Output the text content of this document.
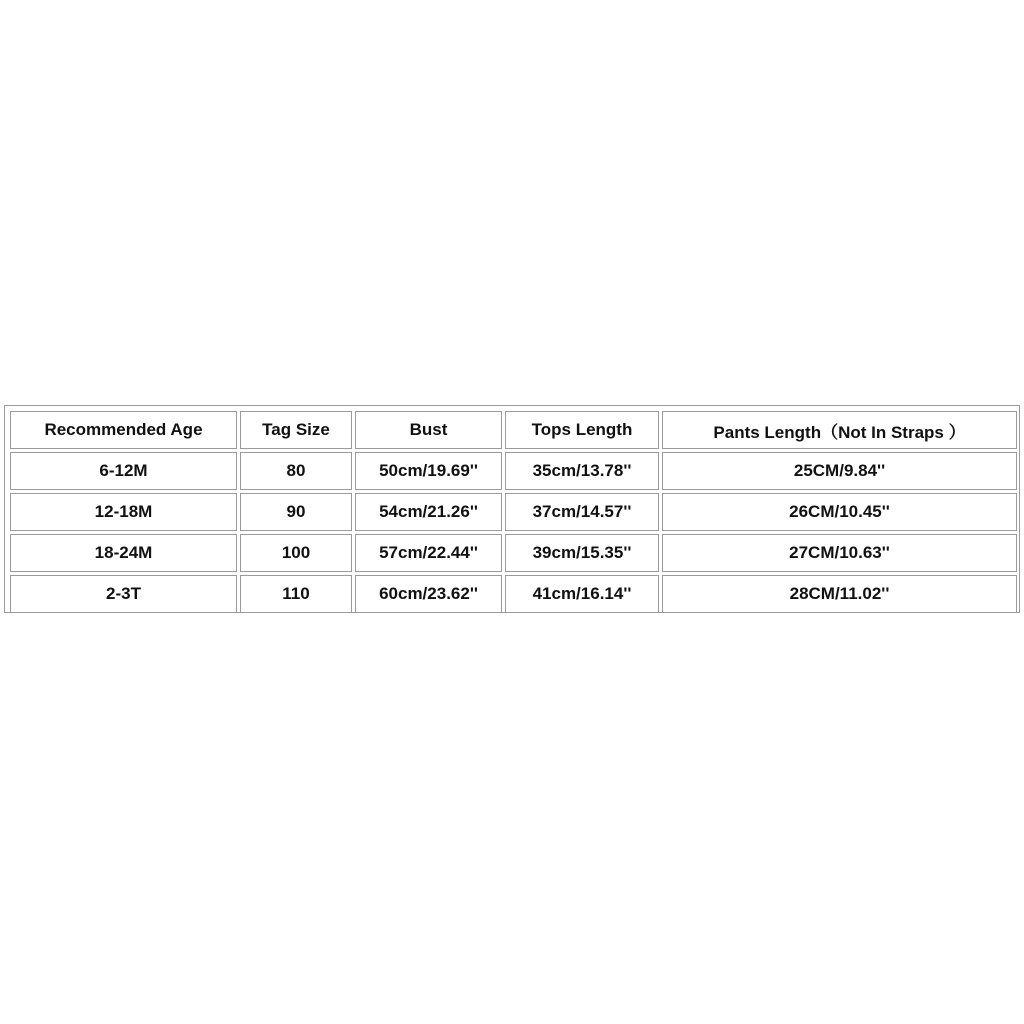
Recommended Age	Tag Size	Bust	Tops Length	Pants Length（Not In Straps ）
6-12M	80	50cm/19.69''	35cm/13.78''	25CM/9.84''
12-18M	90	54cm/21.26''	37cm/14.57''	26CM/10.45''
18-24M	100	57cm/22.44''	39cm/15.35''	27CM/10.63''
2-3T	110	60cm/23.62''	41cm/16.14''	28CM/11.02''
